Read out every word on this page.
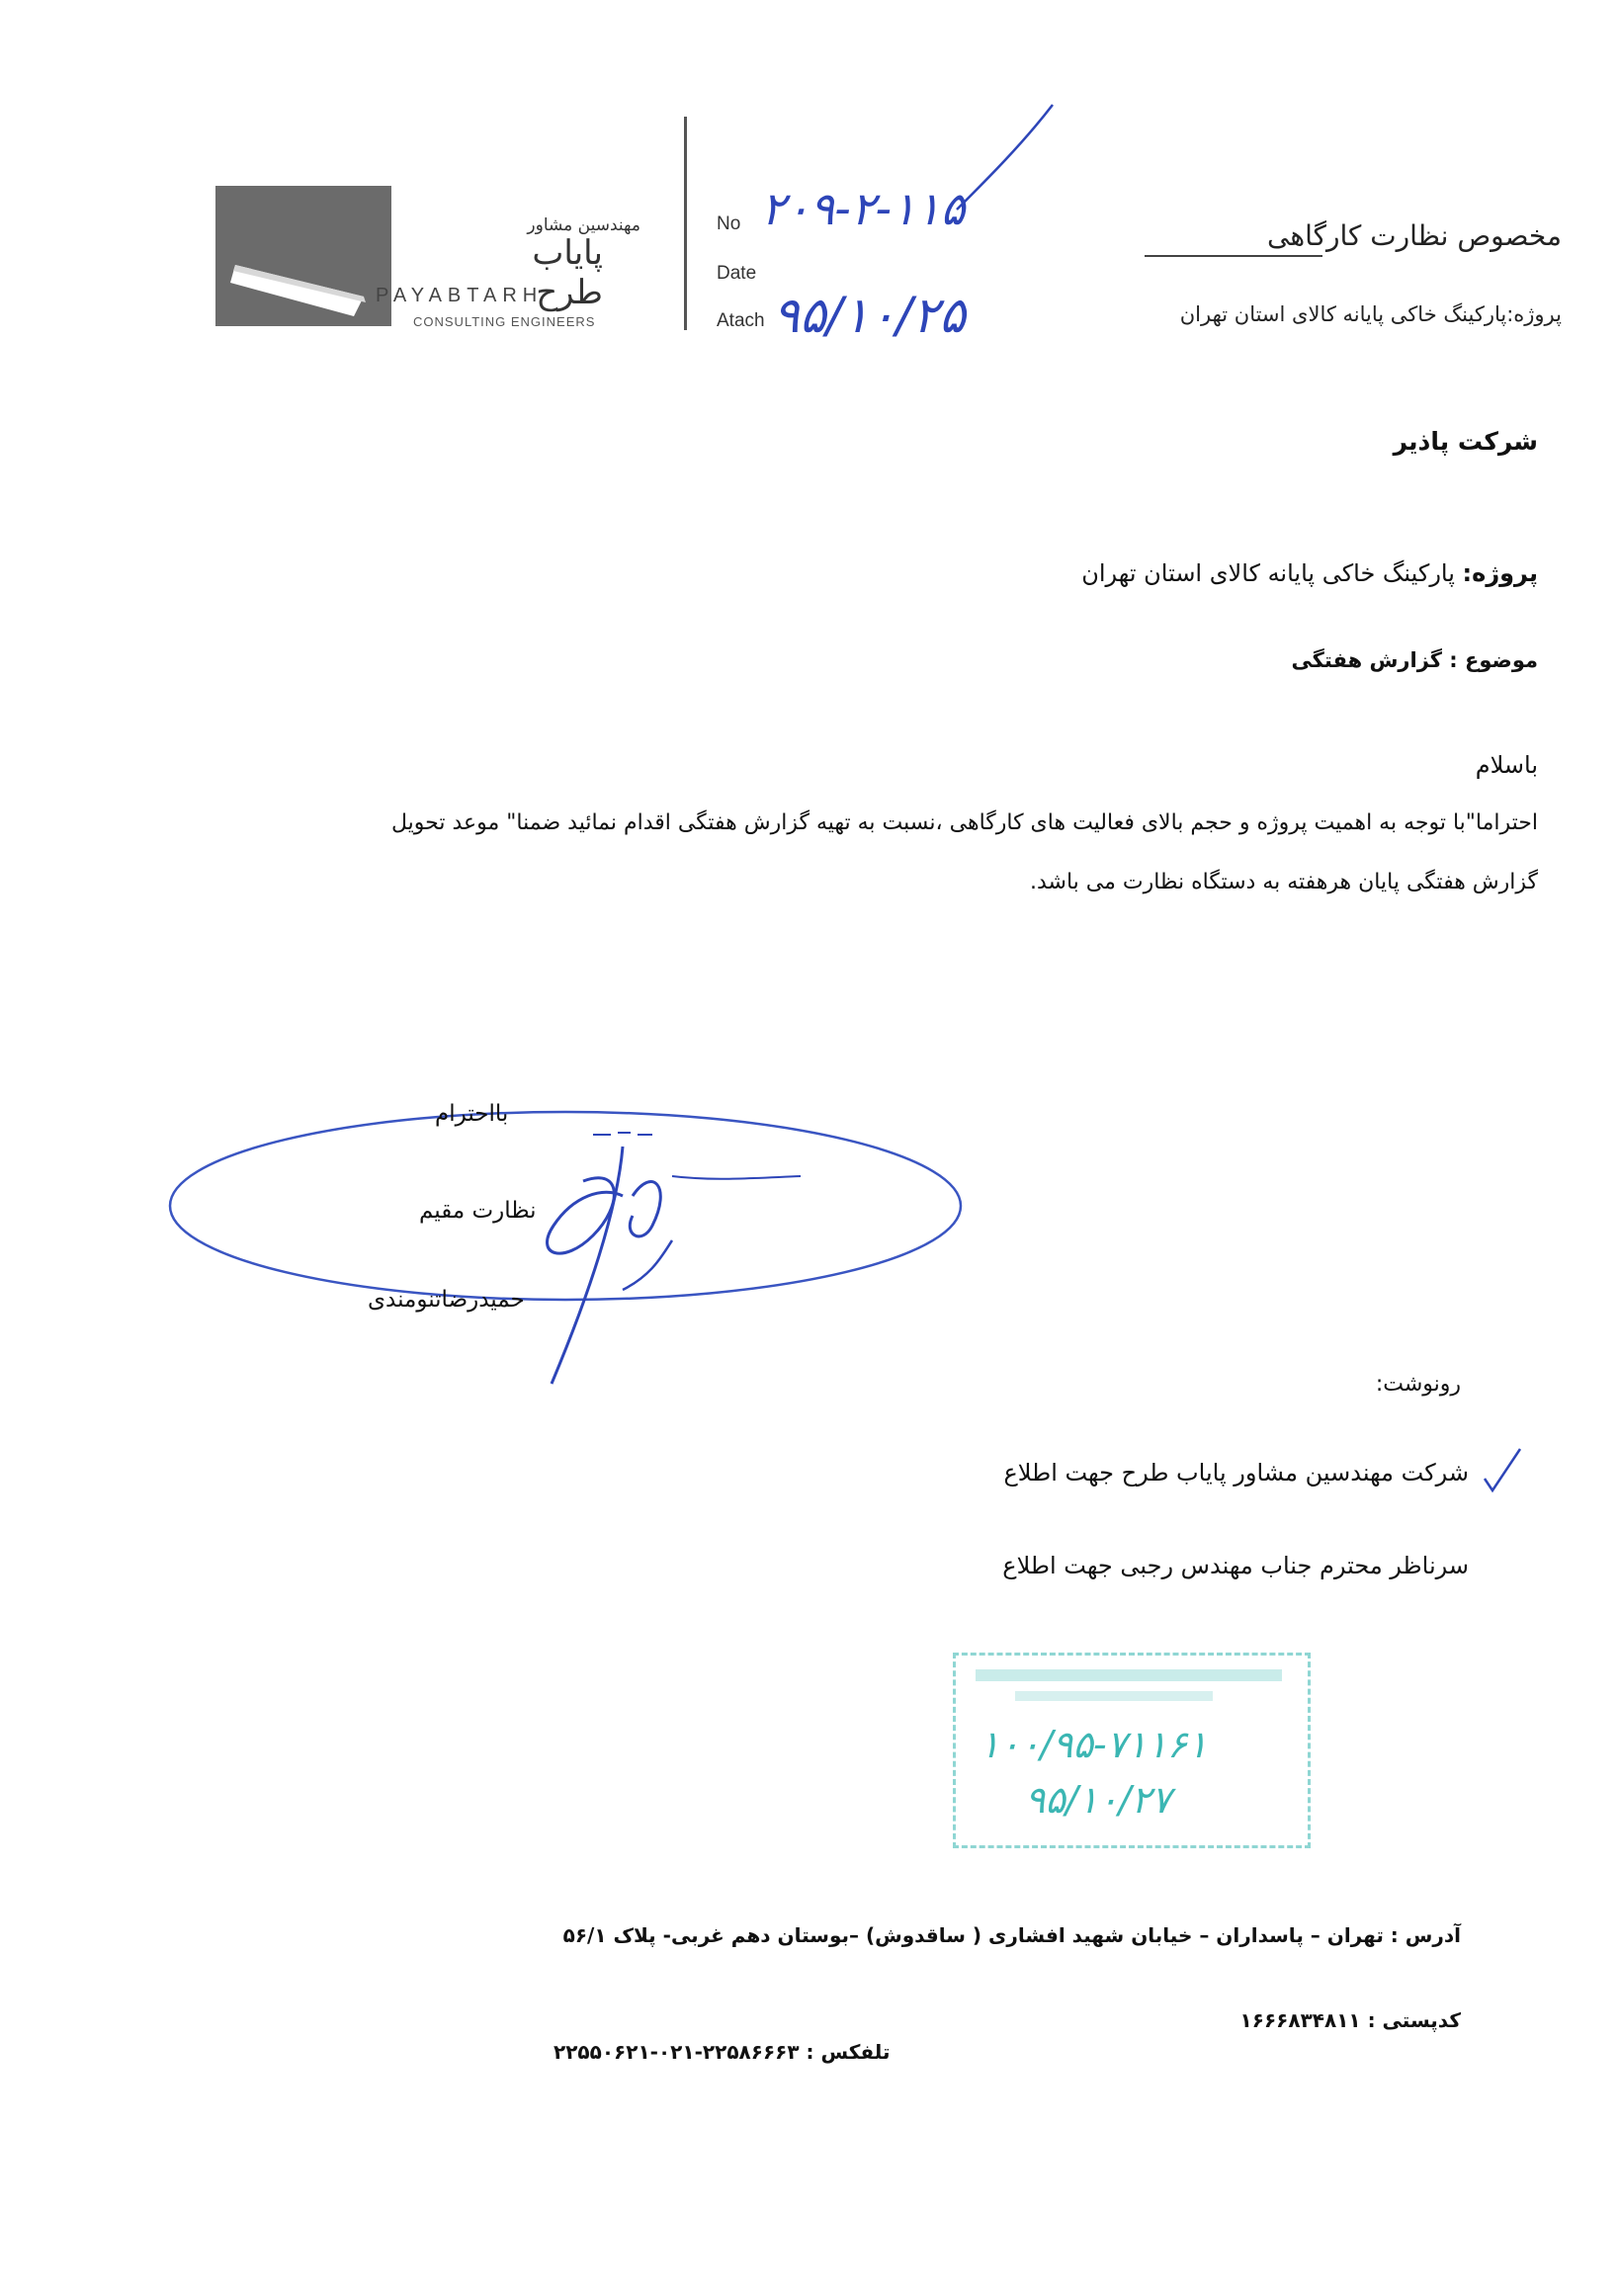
مهندسین مشاور
پایاب طرح
PAYABTARH
CONSULTING ENGINEERS
No
Date
Atach
۲۰۹-۲-۱۱۵
۹۵/۱۰/۲۵
مخصوص نظارت کارگاهی
پروژه:پارکینگ خاکی پایانه کالای استان تهران
شرکت پاذیر
پروژه: پارکینگ خاکی پایانه کالای استان تهران
موضوع : گزارش هفتگی
باسلام
احتراما"با توجه به اهمیت پروژه و حجم بالای فعالیت های کارگاهی ،نسبت به تهیه گزارش هفتگی اقدام نمائید ضمنا" موعد تحویل
گزارش هفتگی پایان هرهفته به دستگاه نظارت می باشد.
بااحترام
نظارت مقیم
حمیدرضاتنومندی
رونوشت:
شرکت مهندسین مشاور پایاب طرح جهت اطلاع
سرناظر محترم جناب مهندس رجبی جهت اطلاع
۱۰۰/۹۵-۷۱۱۶۱
۹۵/۱۰/۲۷
آدرس : تهران – پاسداران – خیابان شهید افشاری ( ساقدوش) –بوستان دهم غربی- پلاک ۵۶/۱
کدپستی : ۱۶۶۶۸۳۴۸۱۱
تلفکس : ۲۲۵۸۶۶۶۳-۰۲۱-۲۲۵۵۰۶۲۱
